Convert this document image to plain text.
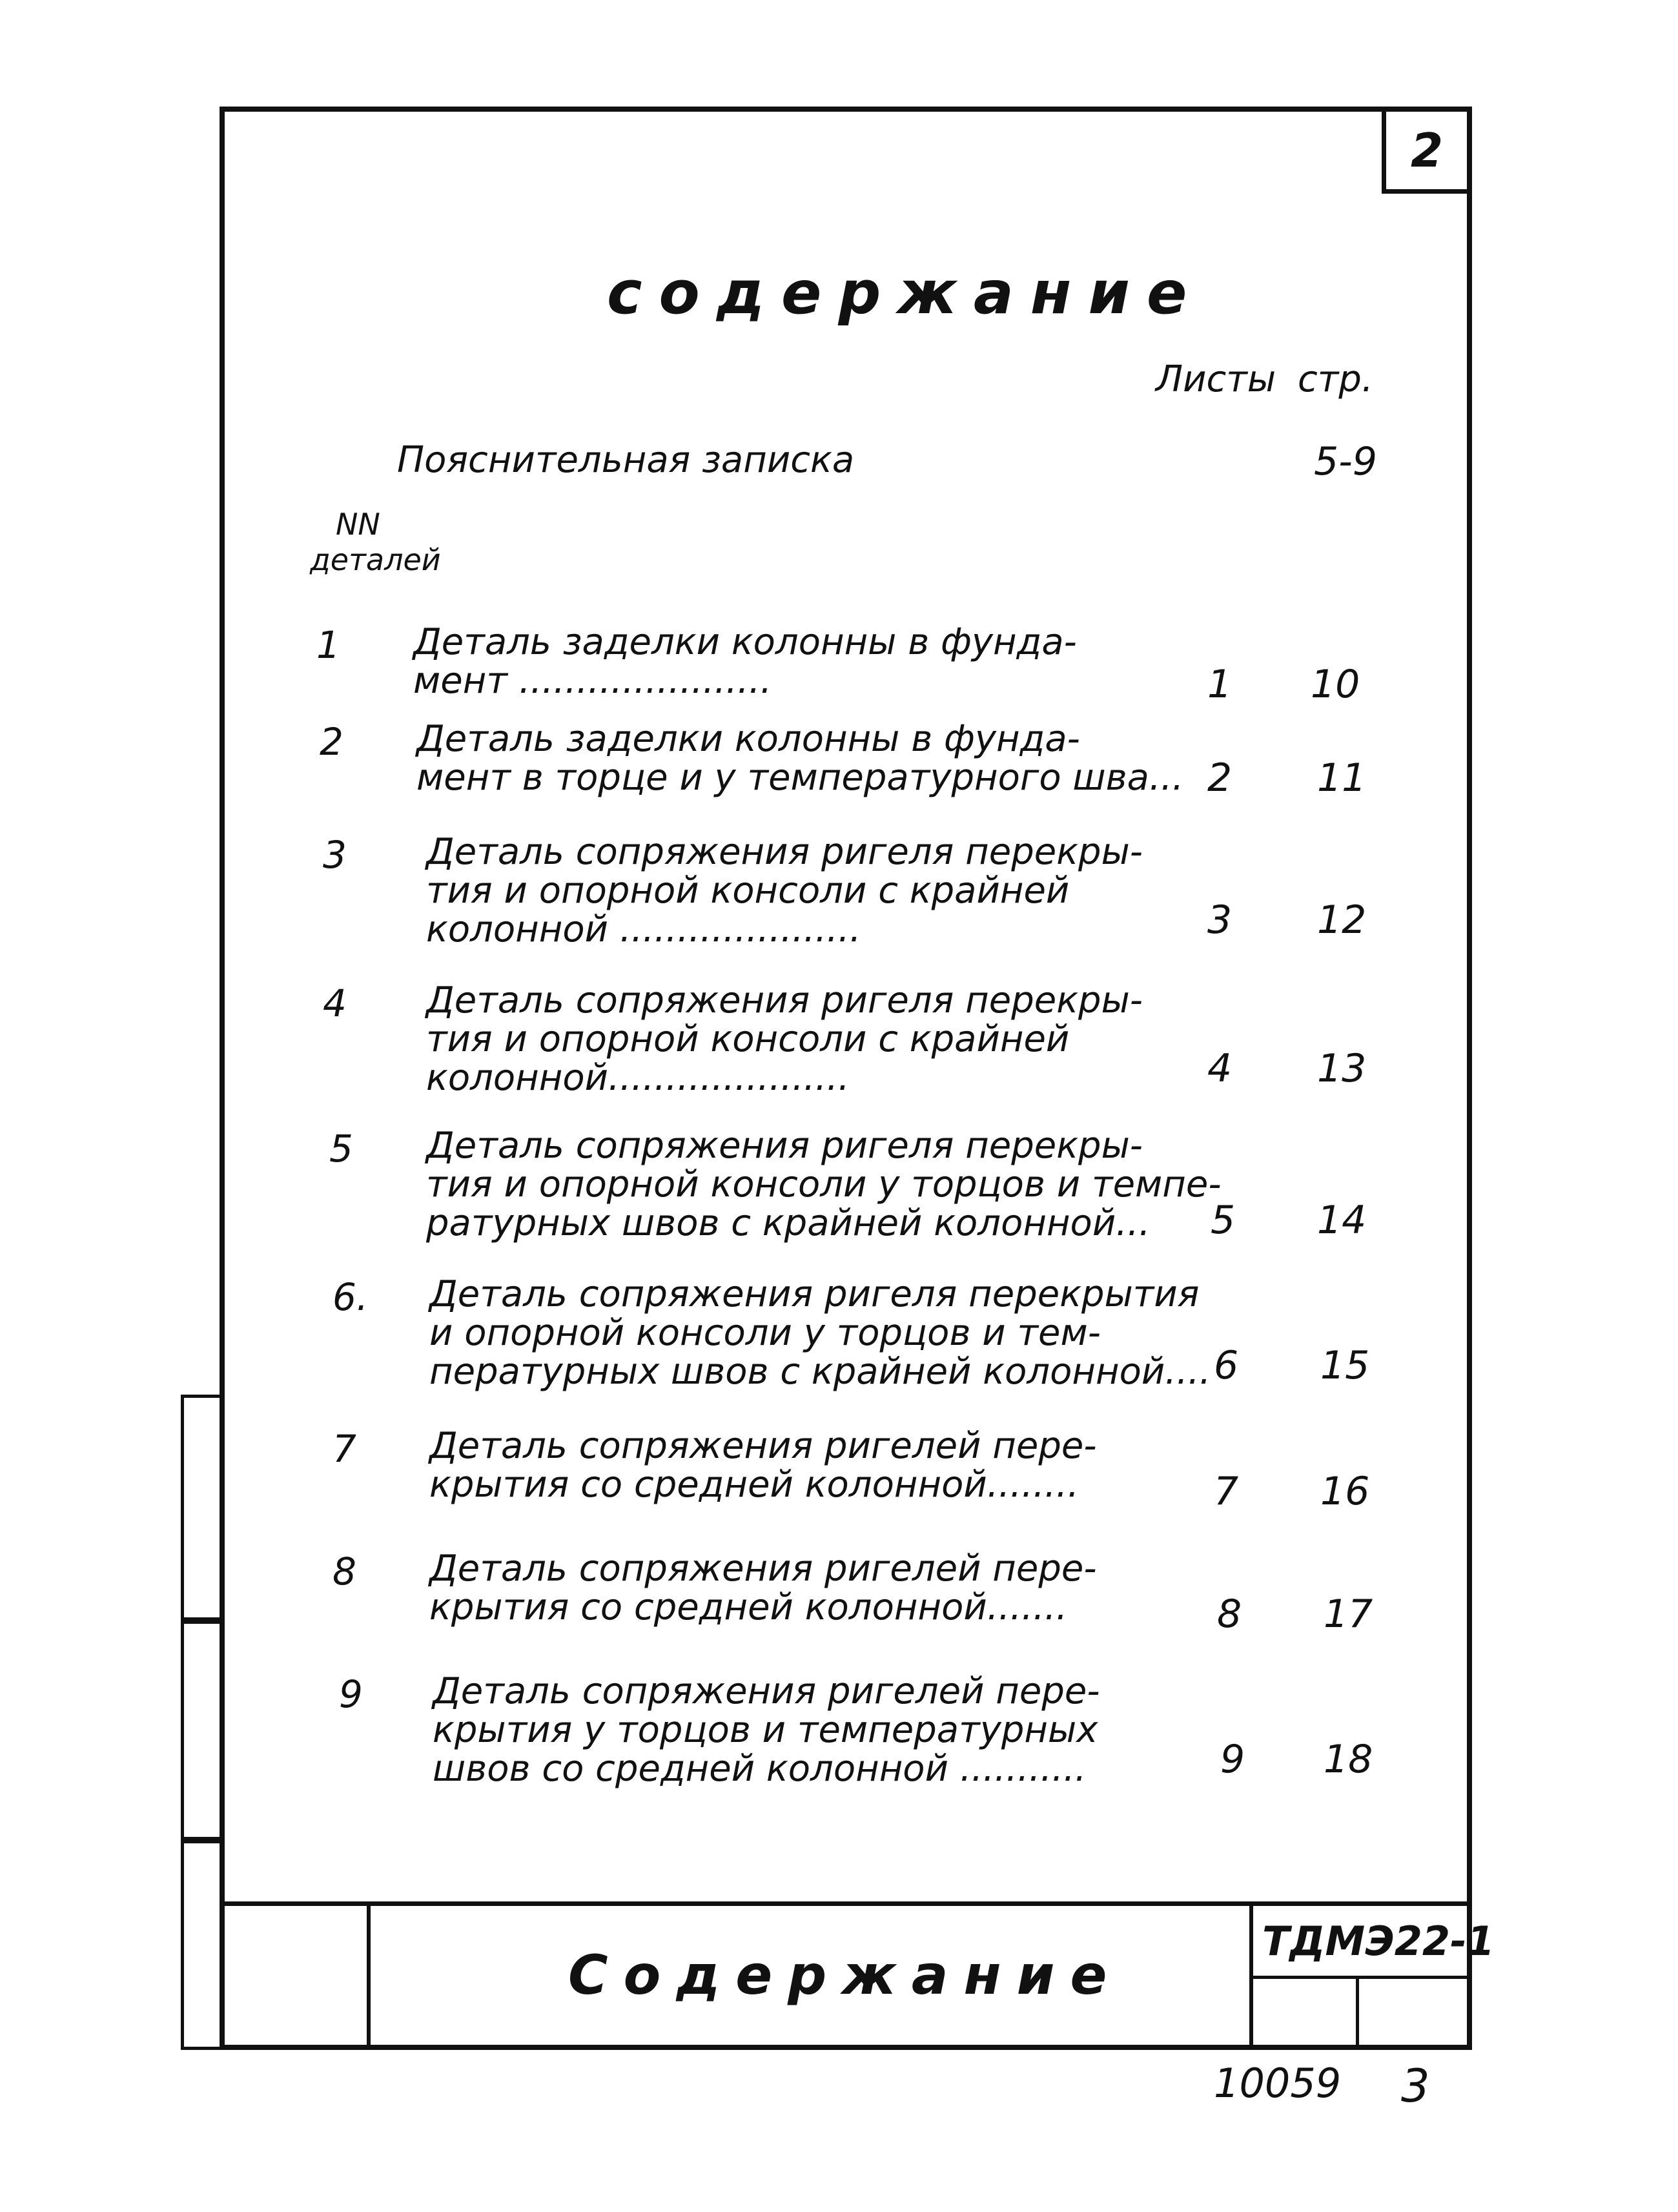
2
содержание
Листы стр.
Пояснительная записка	5-9
NN
деталей
1 Деталь заделки колонны в фунда-
мент ......................	1 10
2 Деталь заделки колонны в фунда-
мент в торце и у температурного шва... 2 11
3 Деталь сопряжения ригеля перекры-
тия и опорной консоли с крайней
колонной .....................	3 12
4 Деталь сопряжения ригеля перекры-
тия и опорной консоли с крайней
колонной.....................	4 13
5 Деталь сопряжения ригеля перекры-
тия и опорной консоли у торцов и темпе-
ратурных швов с крайней колонной...	5 14
6. Деталь сопряжения ригеля перекрытия
и опорной консоли у торцов и тем-
пературных швов с крайней колонной.... 6 15
7 Деталь сопряжения ригелей пере-
крытия со средней колонной........	7 16
8 Деталь сопряжения ригелей пере-
крытия со средней колонной.......	8 17
9 Деталь сопряжения ригелей пере-
крытия у торцов и температурных
швов со средней колонной ...........	9 18
Содержание
ТДМЭ22-1
10059 3
